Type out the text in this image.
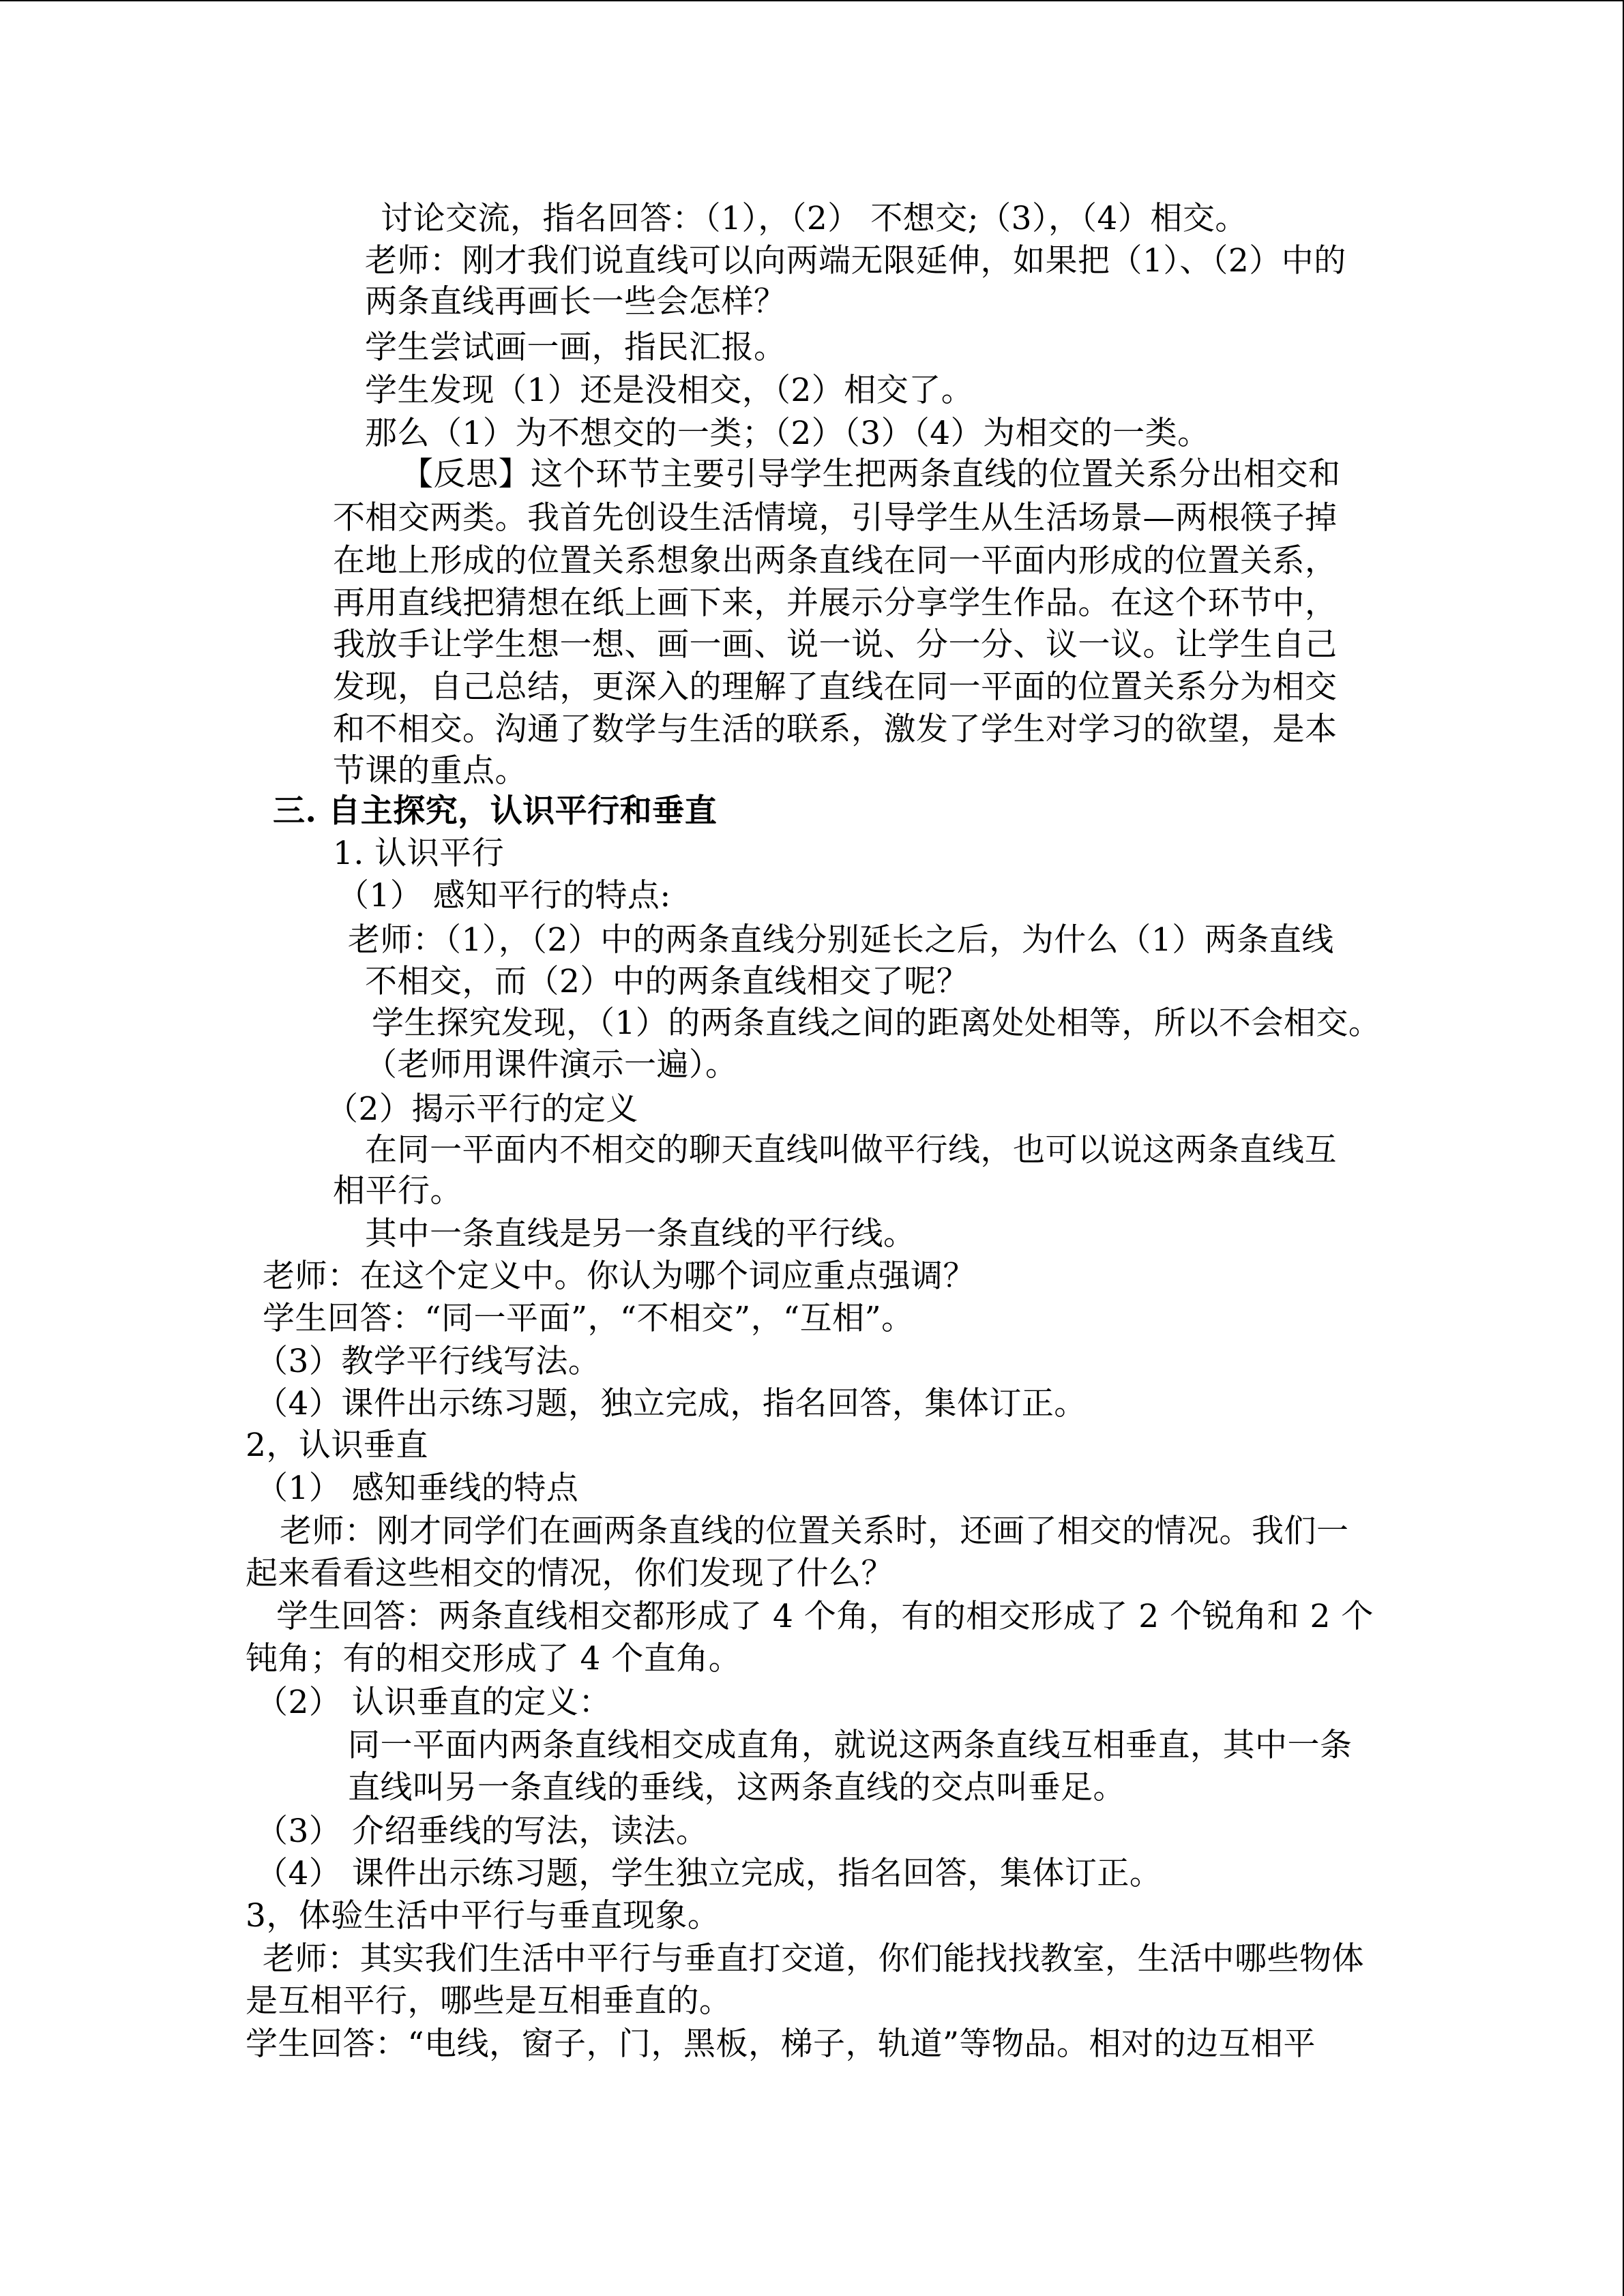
讨论交流，指名回答：（1），（2） 不想交;（3），（4）相交。
老师：刚才我们说直线可以向两端无限延伸，如果把（1）、（2）中的
两条直线再画长一些会怎样？
学生尝试画一画，指民汇报。
学生发现（1）还是没相交，（2）相交了。
那么（1）为不想交的一类；（2）（3）（4）为相交的一类。
【反思】这个环节主要引导学生把两条直线的位置关系分出相交和
不相交两类。我首先创设生活情境，引导学生从生活场景—两根筷子掉
在地上形成的位置关系想象出两条直线在同一平面内形成的位置关系，
再用直线把猜想在纸上画下来，并展示分享学生作品。在这个环节中，
我放手让学生想一想、画一画、说一说、分一分、议一议。让学生自己
发现，自己总结，更深入的理解了直线在同一平面的位置关系分为相交
和不相交。沟通了数学与生活的联系，激发了学生对学习的欲望，是本
节课的重点。
三. 自主探究，认识平行和垂直
1. 认识平行
（1） 感知平行的特点:
老师：（1），（2）中的两条直线分别延长之后，为什么（1）两条直线
不相交，而（2）中的两条直线相交了呢？
学生探究发现，（1）的两条直线之间的距离处处相等，所以不会相交。
（老师用课件演示一遍）。
（2）揭示平行的定义
在同一平面内不相交的聊天直线叫做平行线，也可以说这两条直线互
相平行。
其中一条直线是另一条直线的平行线。
老师：在这个定义中。你认为哪个词应重点强调？
学生回答：“同一平面”，“不相交”，“互相”。
（3）教学平行线写法。
（4）课件出示练习题，独立完成，指名回答，集体订正。
2，认识垂直
（1） 感知垂线的特点
老师：刚才同学们在画两条直线的位置关系时，还画了相交的情况。我们一
起来看看这些相交的情况，你们发现了什么？
学生回答：两条直线相交都形成了 4 个角，有的相交形成了 2 个锐角和 2 个
钝角；有的相交形成了 4 个直角。
（2） 认识垂直的定义：
同一平面内两条直线相交成直角，就说这两条直线互相垂直，其中一条
直线叫另一条直线的垂线，这两条直线的交点叫垂足。
（3） 介绍垂线的写法，读法。
（4） 课件出示练习题，学生独立完成，指名回答，集体订正。
3，体验生活中平行与垂直现象。
老师：其实我们生活中平行与垂直打交道，你们能找找教室，生活中哪些物体
是互相平行，哪些是互相垂直的。
学生回答：“电线，窗子，门，黑板，梯子，轨道”等物品。相对的边互相平
